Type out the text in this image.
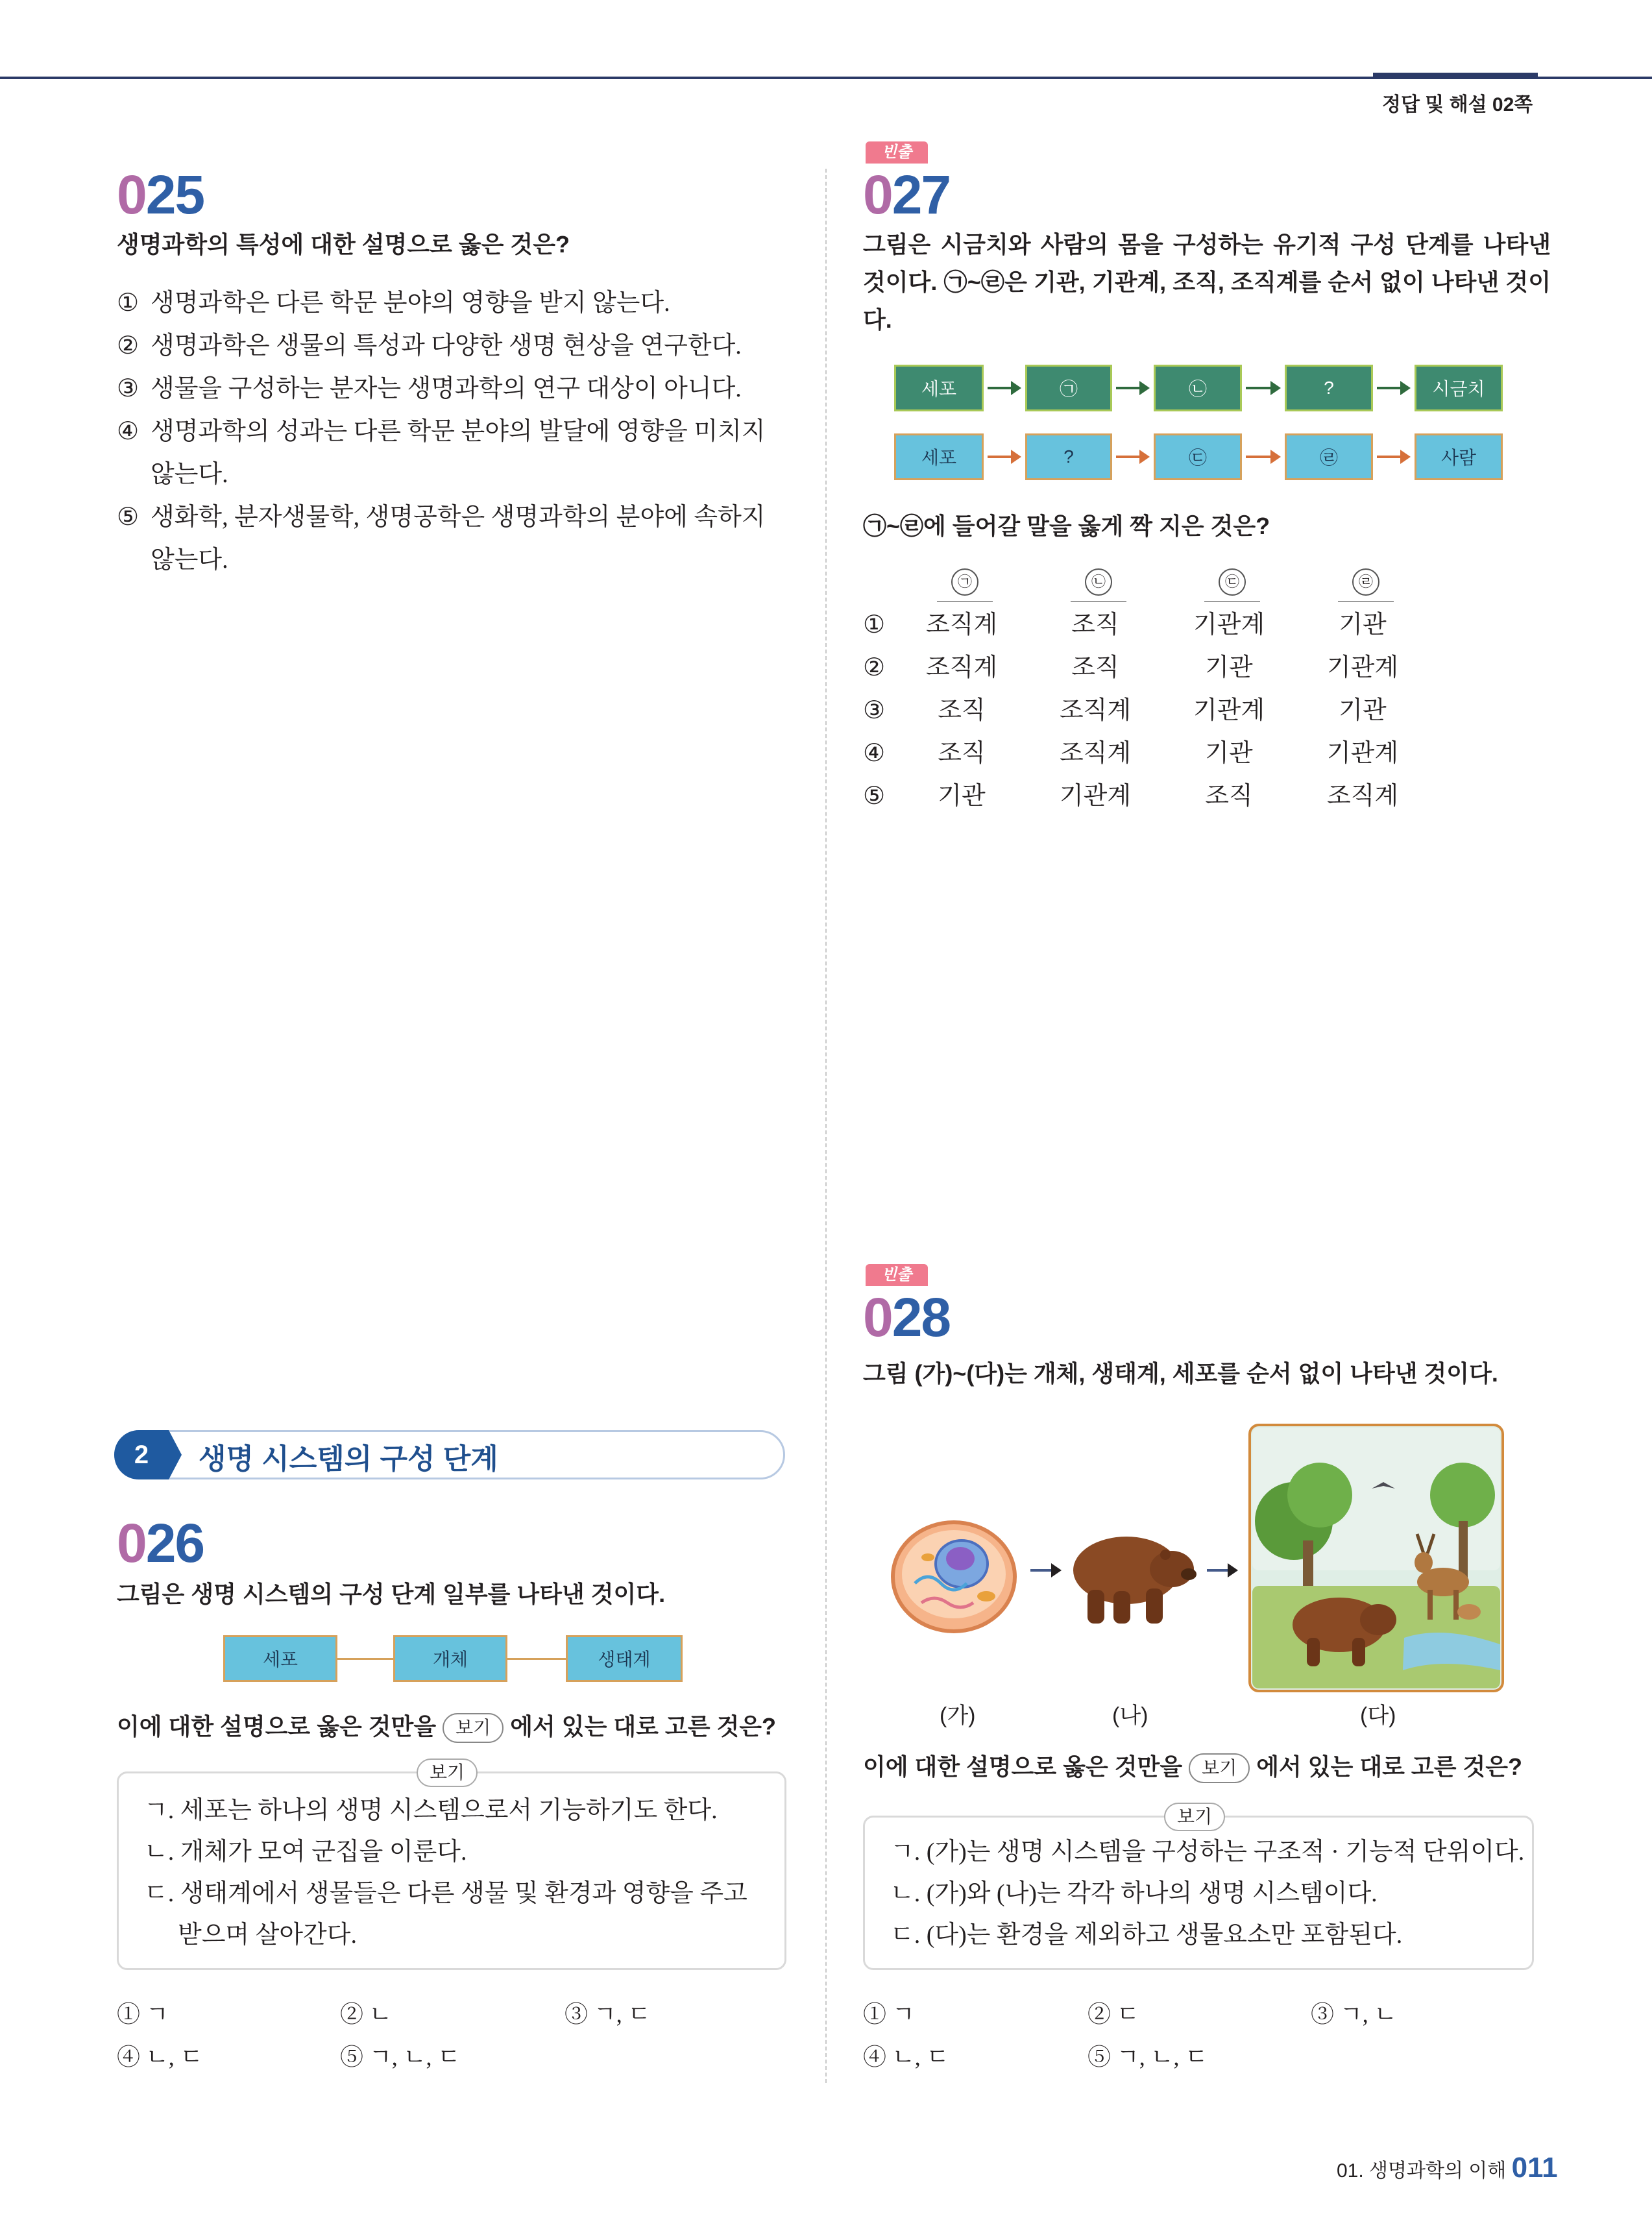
정답 및 해설 02쪽
025
생명과학의 특성에 대한 설명으로 옳은 것은?
① 생명과학은 다른 학문 분야의 영향을 받지 않는다.
② 생명과학은 생물의 특성과 다양한 생명 현상을 연구한다.
③ 생물을 구성하는 분자는 생명과학의 연구 대상이 아니다.
④ 생명과학의 성과는 다른 학문 분야의 발달에 영향을 미치지 않는다.
⑤ 생화학, 분자생물학, 생명공학은 생명과학의 분야에 속하지 않는다.
2	생명 시스템의 구성 단계
026
그림은 생명 시스템의 구성 단계 일부를 나타낸 것이다.
세포	개체	생태계
이에 대한 설명으로 옳은 것만을 보기 에서 있는 대로 고른 것은?
보기
ㄱ. 세포는 하나의 생명 시스템으로서 기능하기도 한다.
ㄴ. 개체가 모여 군집을 이룬다.
ㄷ. 생태계에서 생물들은 다른 생물 및 환경과 영향을 주고받으며 살아간다.
① ㄱ	② ㄴ	③ ㄱ, ㄷ
④ ㄴ, ㄷ	⑤ ㄱ, ㄴ, ㄷ
빈출
027
그림은 시금치와 사람의 몸을 구성하는 유기적 구성 단계를 나타낸 것이다. ㉠~㉣은 기관, 기관계, 조직, 조직계를 순서 없이 나타낸 것이다.
세포	㉠	㉡	?	시금치
세포	?	㉢	㉣	사람
㉠~㉣에 들어갈 말을 옳게 짝 지은 것은?
㉠	㉡	㉢	㉣
①	조직계	조직	기관계	기관
②	조직계	조직	기관	기관계
③	조직	조직계	기관계	기관
④	조직	조직계	기관	기관계
⑤	기관	기관계	조직	조직계
빈출
028
그림 (가)~(다)는 개체, 생태계, 세포를 순서 없이 나타낸 것이다.
(가)	(나)	(다)
이에 대한 설명으로 옳은 것만을 보기 에서 있는 대로 고른 것은?
보기
ㄱ. (가)는 생명 시스템을 구성하는 구조적 · 기능적 단위이다.
ㄴ. (가)와 (나)는 각각 하나의 생명 시스템이다.
ㄷ. (다)는 환경을 제외하고 생물요소만 포함된다.
① ㄱ	② ㄷ	③ ㄱ, ㄴ
④ ㄴ, ㄷ	⑤ ㄱ, ㄴ, ㄷ
01. 생명과학의 이해 011
